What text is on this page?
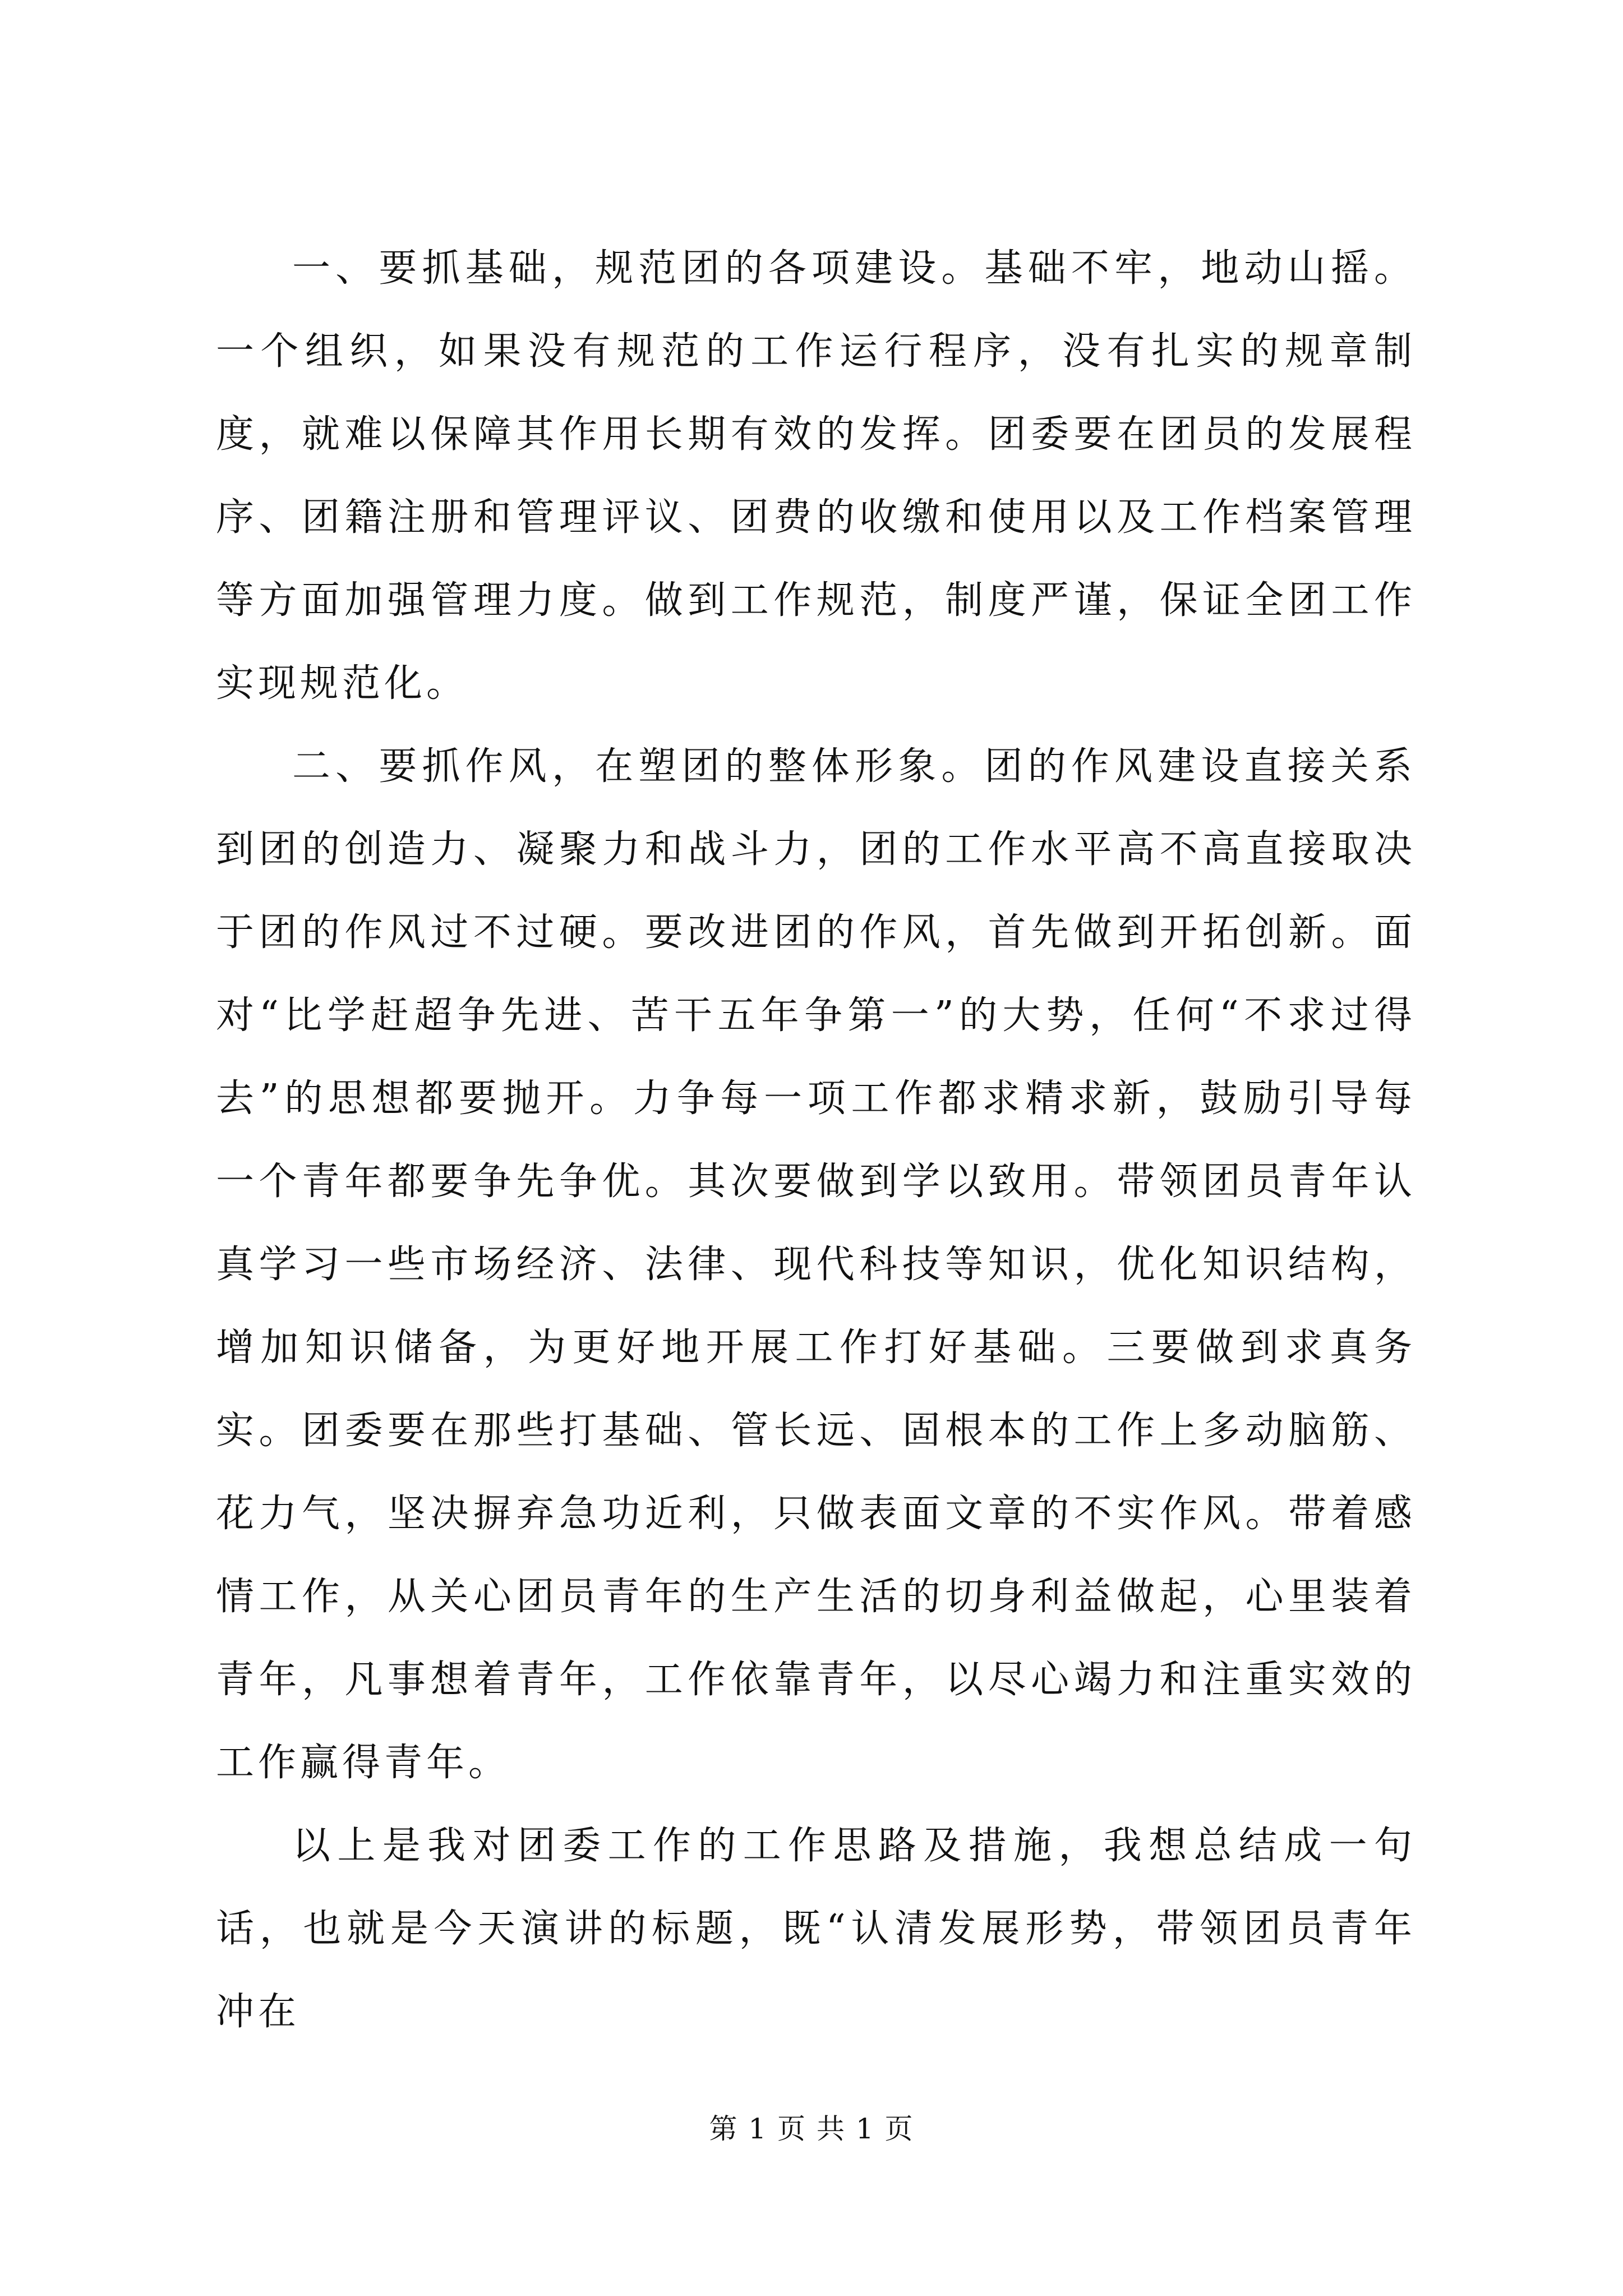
一、要抓基础，规范团的各项建设。基础不牢，地动山摇。一个组织，如果没有规范的工作运行程序，没有扎实的规章制度，就难以保障其作用长期有效的发挥。团委要在团员的发展程序、团籍注册和管理评议、团费的收缴和使用以及工作档案管理等方面加强管理力度。做到工作规范，制度严谨，保证全团工作实现规范化。

二、要抓作风，在塑团的整体形象。团的作风建设直接关系到团的创造力、凝聚力和战斗力，团的工作水平高不高直接取决于团的作风过不过硬。要改进团的作风，首先做到开拓创新。面对“比学赶超争先进、苦干五年争第一”的大势，任何“不求过得去”的思想都要抛开。力争每一项工作都求精求新，鼓励引导每一个青年都要争先争优。其次要做到学以致用。带领团员青年认真学习一些市场经济、法律、现代科技等知识，优化知识结构，增加知识储备，为更好地开展工作打好基础。三要做到求真务实。团委要在那些打基础、管长远、固根本的工作上多动脑筋、花力气，坚决摒弃急功近利，只做表面文章的不实作风。带着感情工作，从关心团员青年的生产生活的切身利益做起，心里装着青年，凡事想着青年，工作依靠青年，以尽心竭力和注重实效的工作赢得青年。

以上是我对团委工作的工作思路及措施，我想总结成一句话，也就是今天演讲的标题，既“认清发展形势，带领团员青年冲在

第 1 页 共 1 页
